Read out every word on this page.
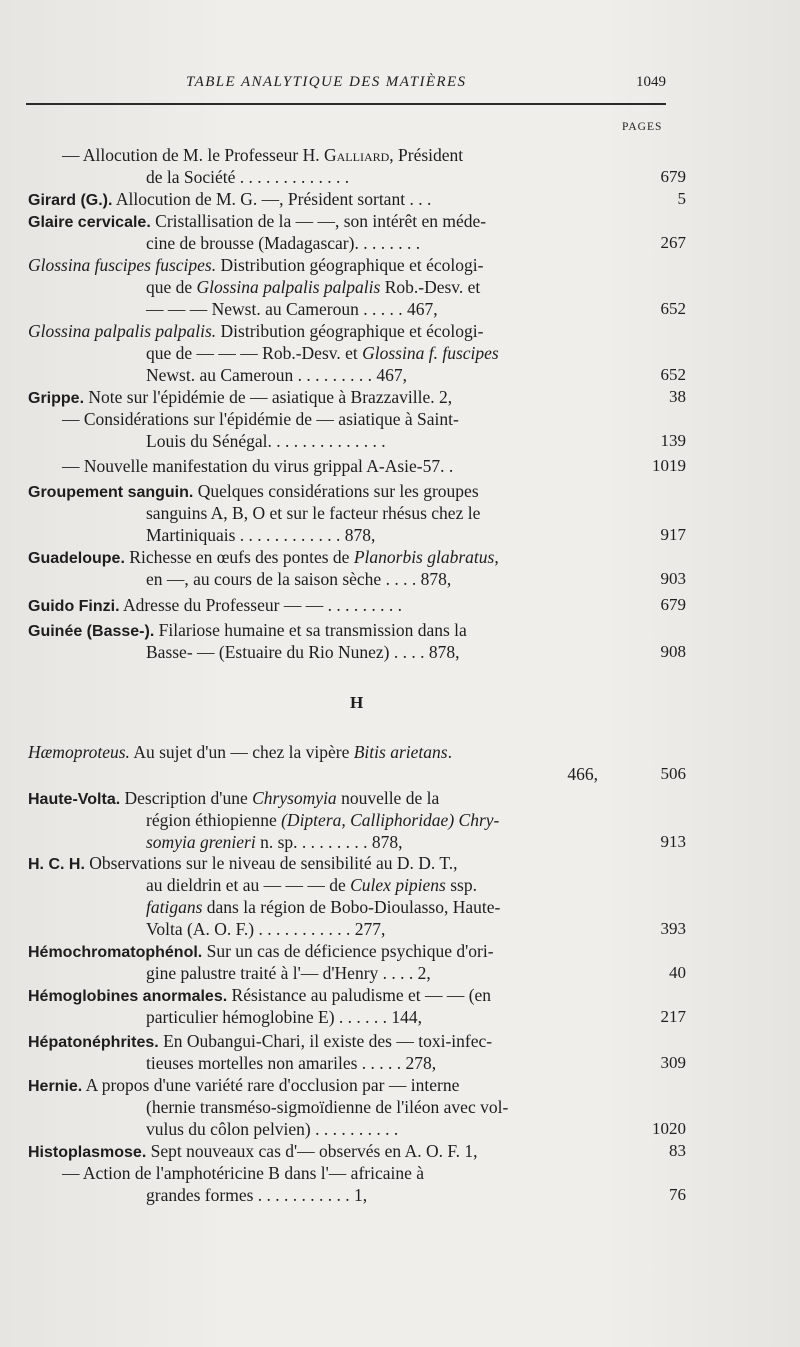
TABLE ANALYTIQUE DES MATIÈRES	1049
PAGES
H
— Allocution de M. le Professeur H. Galliard, Président
de la Société . . . . . . . . . . . . .	679
Girard (G.). Allocution de M. G. —, Président sortant . . .	5
Glaire cervicale. Cristallisation de la — —, son intérêt en méde-
cine de brousse (Madagascar). . . . . . . .	267
Glossina fuscipes fuscipes. Distribution géographique et écologi-
que de Glossina palpalis palpalis Rob.-Desv. et
— — — Newst. au Cameroun . . . . . 467,	652
Glossina palpalis palpalis. Distribution géographique et écologi-
que de — — — Rob.-Desv. et Glossina f. fuscipes
Newst. au Cameroun . . . . . . . . . 467,	652
Grippe. Note sur l'épidémie de — asiatique à Brazzaville. 2,	38
— Considérations sur l'épidémie de — asiatique à Saint-
Louis du Sénégal. . . . . . . . . . . . . .	139
— Nouvelle manifestation du virus grippal A-Asie-57. .	1019
Groupement sanguin. Quelques considérations sur les groupes
sanguins A, B, O et sur le facteur rhésus chez le
Martiniquais . . . . . . . . . . . . 878,	917
Guadeloupe. Richesse en œufs des pontes de Planorbis glabratus,
en —, au cours de la saison sèche . . . . 878,	903
Guido Finzi. Adresse du Professeur — — . . . . . . . . .	679
Guinée (Basse-). Filariose humaine et sa transmission dans la
Basse- — (Estuaire du Rio Nunez) . . . . 878,	908
Hæmoproteus. Au sujet d'un — chez la vipère Bitis arietans.
466,	506
Haute-Volta. Description d'une Chrysomyia nouvelle de la
région éthiopienne (Diptera, Calliphoridae) Chry-
somyia grenieri n. sp. . . . . . . . . 878,	913
H. C. H. Observations sur le niveau de sensibilité au D. D. T.,
au dieldrin et au — — — de Culex pipiens ssp.
fatigans dans la région de Bobo-Dioulasso, Haute-
Volta (A. O. F.) . . . . . . . . . . . 277,	393
Hémochromatophénol. Sur un cas de déficience psychique d'ori-
gine palustre traité à l'— d'Henry . . . . 2,	40
Hémoglobines anormales. Résistance au paludisme et — — (en
particulier hémoglobine E) . . . . . . 144,	217
Hépatonéphrites. En Oubangui-Chari, il existe des — toxi-infec-
tieuses mortelles non amariles . . . . . 278,	309
Hernie. A propos d'une variété rare d'occlusion par — interne
(hernie transméso-sigmoïdienne de l'iléon avec vol-
vulus du côlon pelvien) . . . . . . . . . .	1020
Histoplasmose. Sept nouveaux cas d'— observés en A. O. F. 1,	83
— Action de l'amphotéricine B dans l'— africaine à
grandes formes . . . . . . . . . . . 1,	76
